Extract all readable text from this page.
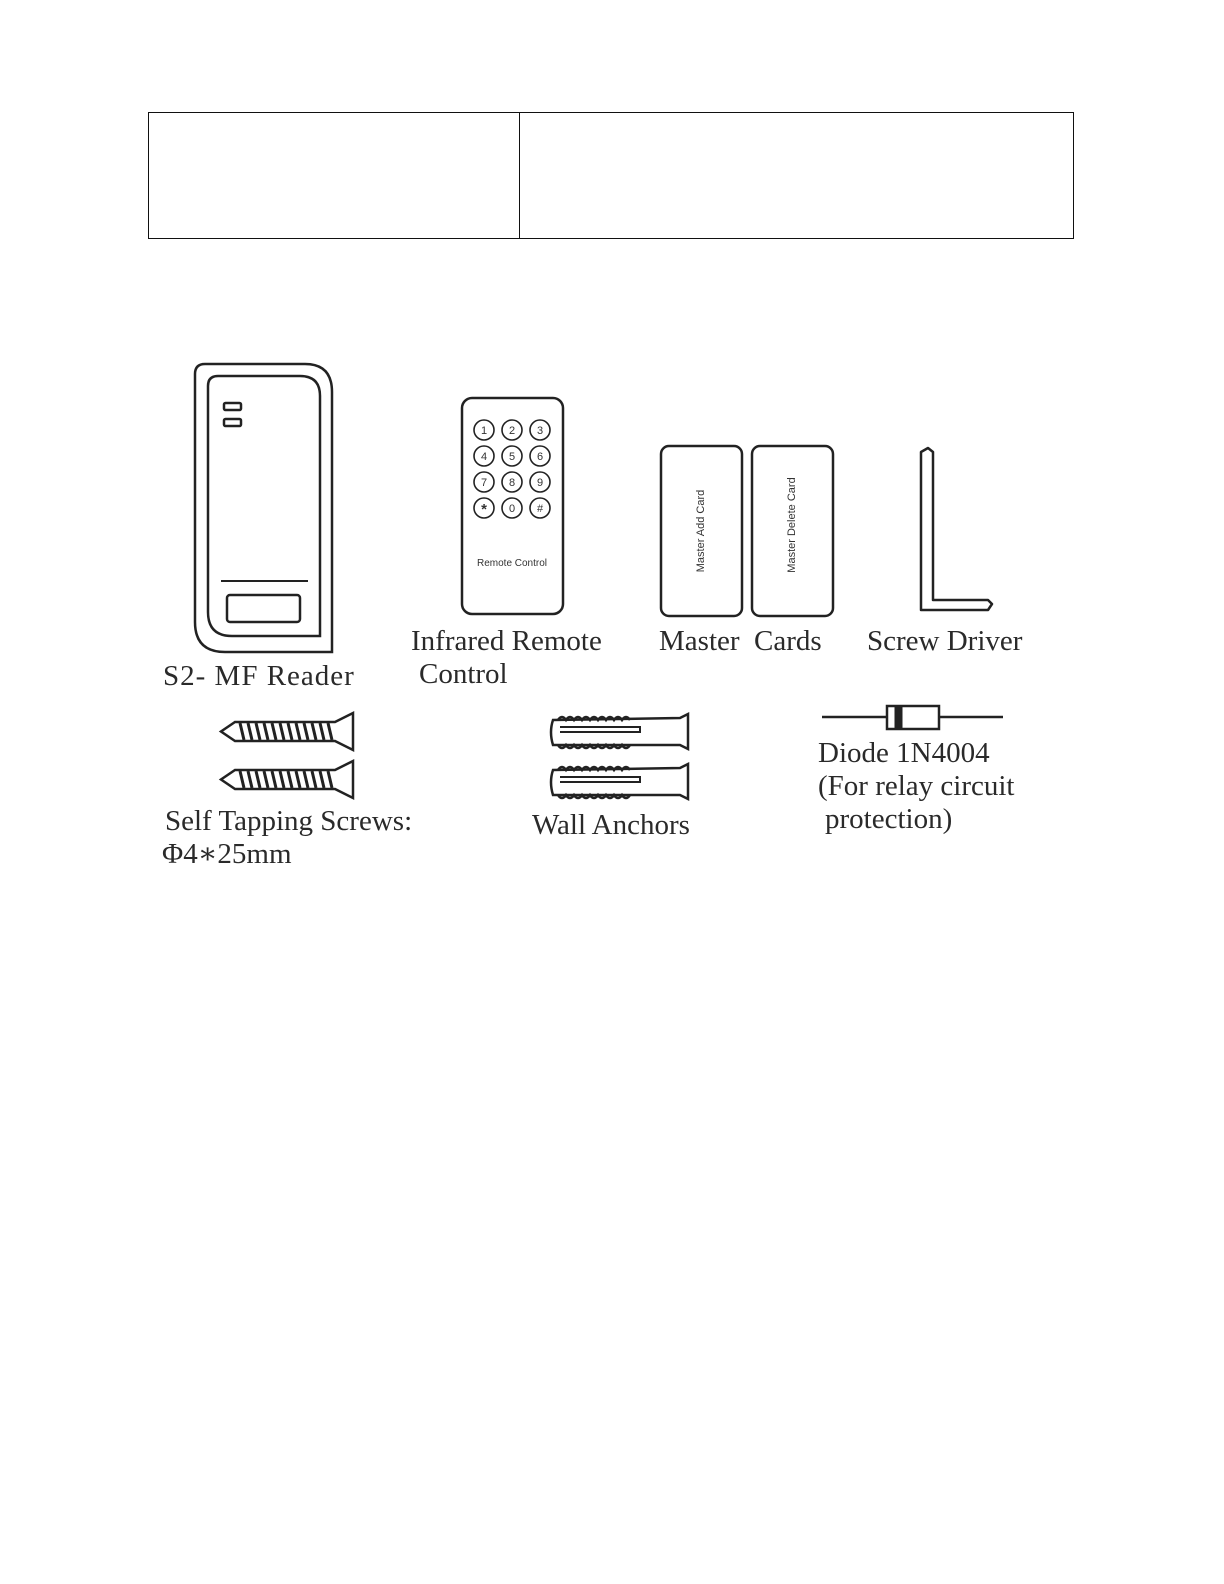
1 2 3
4 5 6
7 8 9
* 0 #
Remote Control	Master Add Card	Master Delete Card
S2- MF Reader
Infrared Remote
Control
Master  Cards Screw Driver
Self Tapping Screws:
Φ4∗25mm
Wall Anchors
Diode 1N4004
(For relay circuit
protection)
